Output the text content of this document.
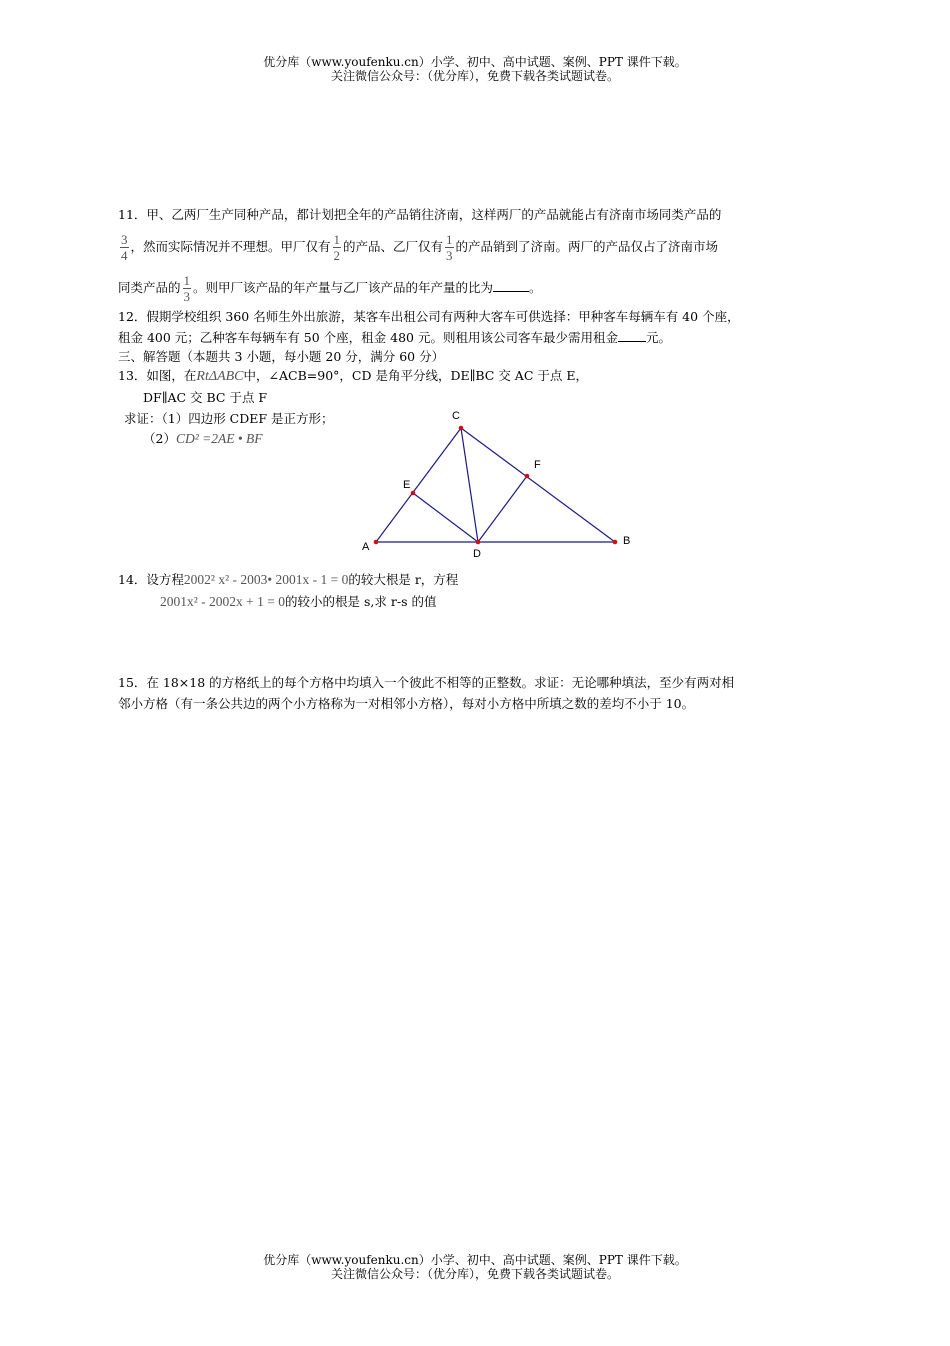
优分库（www.youfenku.cn）小学、初中、高中试题、案例、PPT 课件下载。
关注微信公众号：（优分库），免费下载各类试题试卷。
11．甲、乙两厂生产同种产品，都计划把全年的产品销往济南，这样两厂的产品就能占有济南市场同类产品的
$\frac{3}{4}$ ，然而实际情况并不理想。甲厂仅有 $\frac{1}{2}$ 的产品、乙厂仅有 $\frac{1}{3}$ 的产品销到了济南。两厂的产品仅占了济南市场
同类产品的 $\frac{1}{3}$ 。则甲厂该产品的年产量与乙厂该产品的年产量的比为	。
12．假期学校组织 360 名师生外出旅游，某客车出租公司有两种大客车可供选择：甲种客车每辆车有 40 个座，
租金 400 元；乙种客车每辆车有 50 个座，租金 480 元。则租用该公司客车最少需用租金 元。
三、解答题（本题共 3 小题，每小题 20 分，满分 60 分）
13．如图，在RtΔABC中，∠ACB=90°，CD 是角平分线，DE∥BC 交 AC 于点 E，
DF∥AC 交 BC 于点 F
求证：（1）四边形 CDEF 是正方形；
（2）CD² =2AE • BF
A	B
C
D
E
F
14．设方程2002² x² - 2003• 2001x - 1 = 0的较大根是 r，方程
2001x² - 2002x + 1 = 0的较小的根是 s,求 r-s 的值
15．在 18×18 的方格纸上的每个方格中均填入一个彼此不相等的正整数。求证：无论哪种填法，至少有两对相
邻小方格（有一条公共边的两个小方格称为一对相邻小方格），每对小方格中所填之数的差均不小于 10。
优分库（www.youfenku.cn）小学、初中、高中试题、案例、PPT 课件下载。
关注微信公众号：（优分库），免费下载各类试题试卷。
